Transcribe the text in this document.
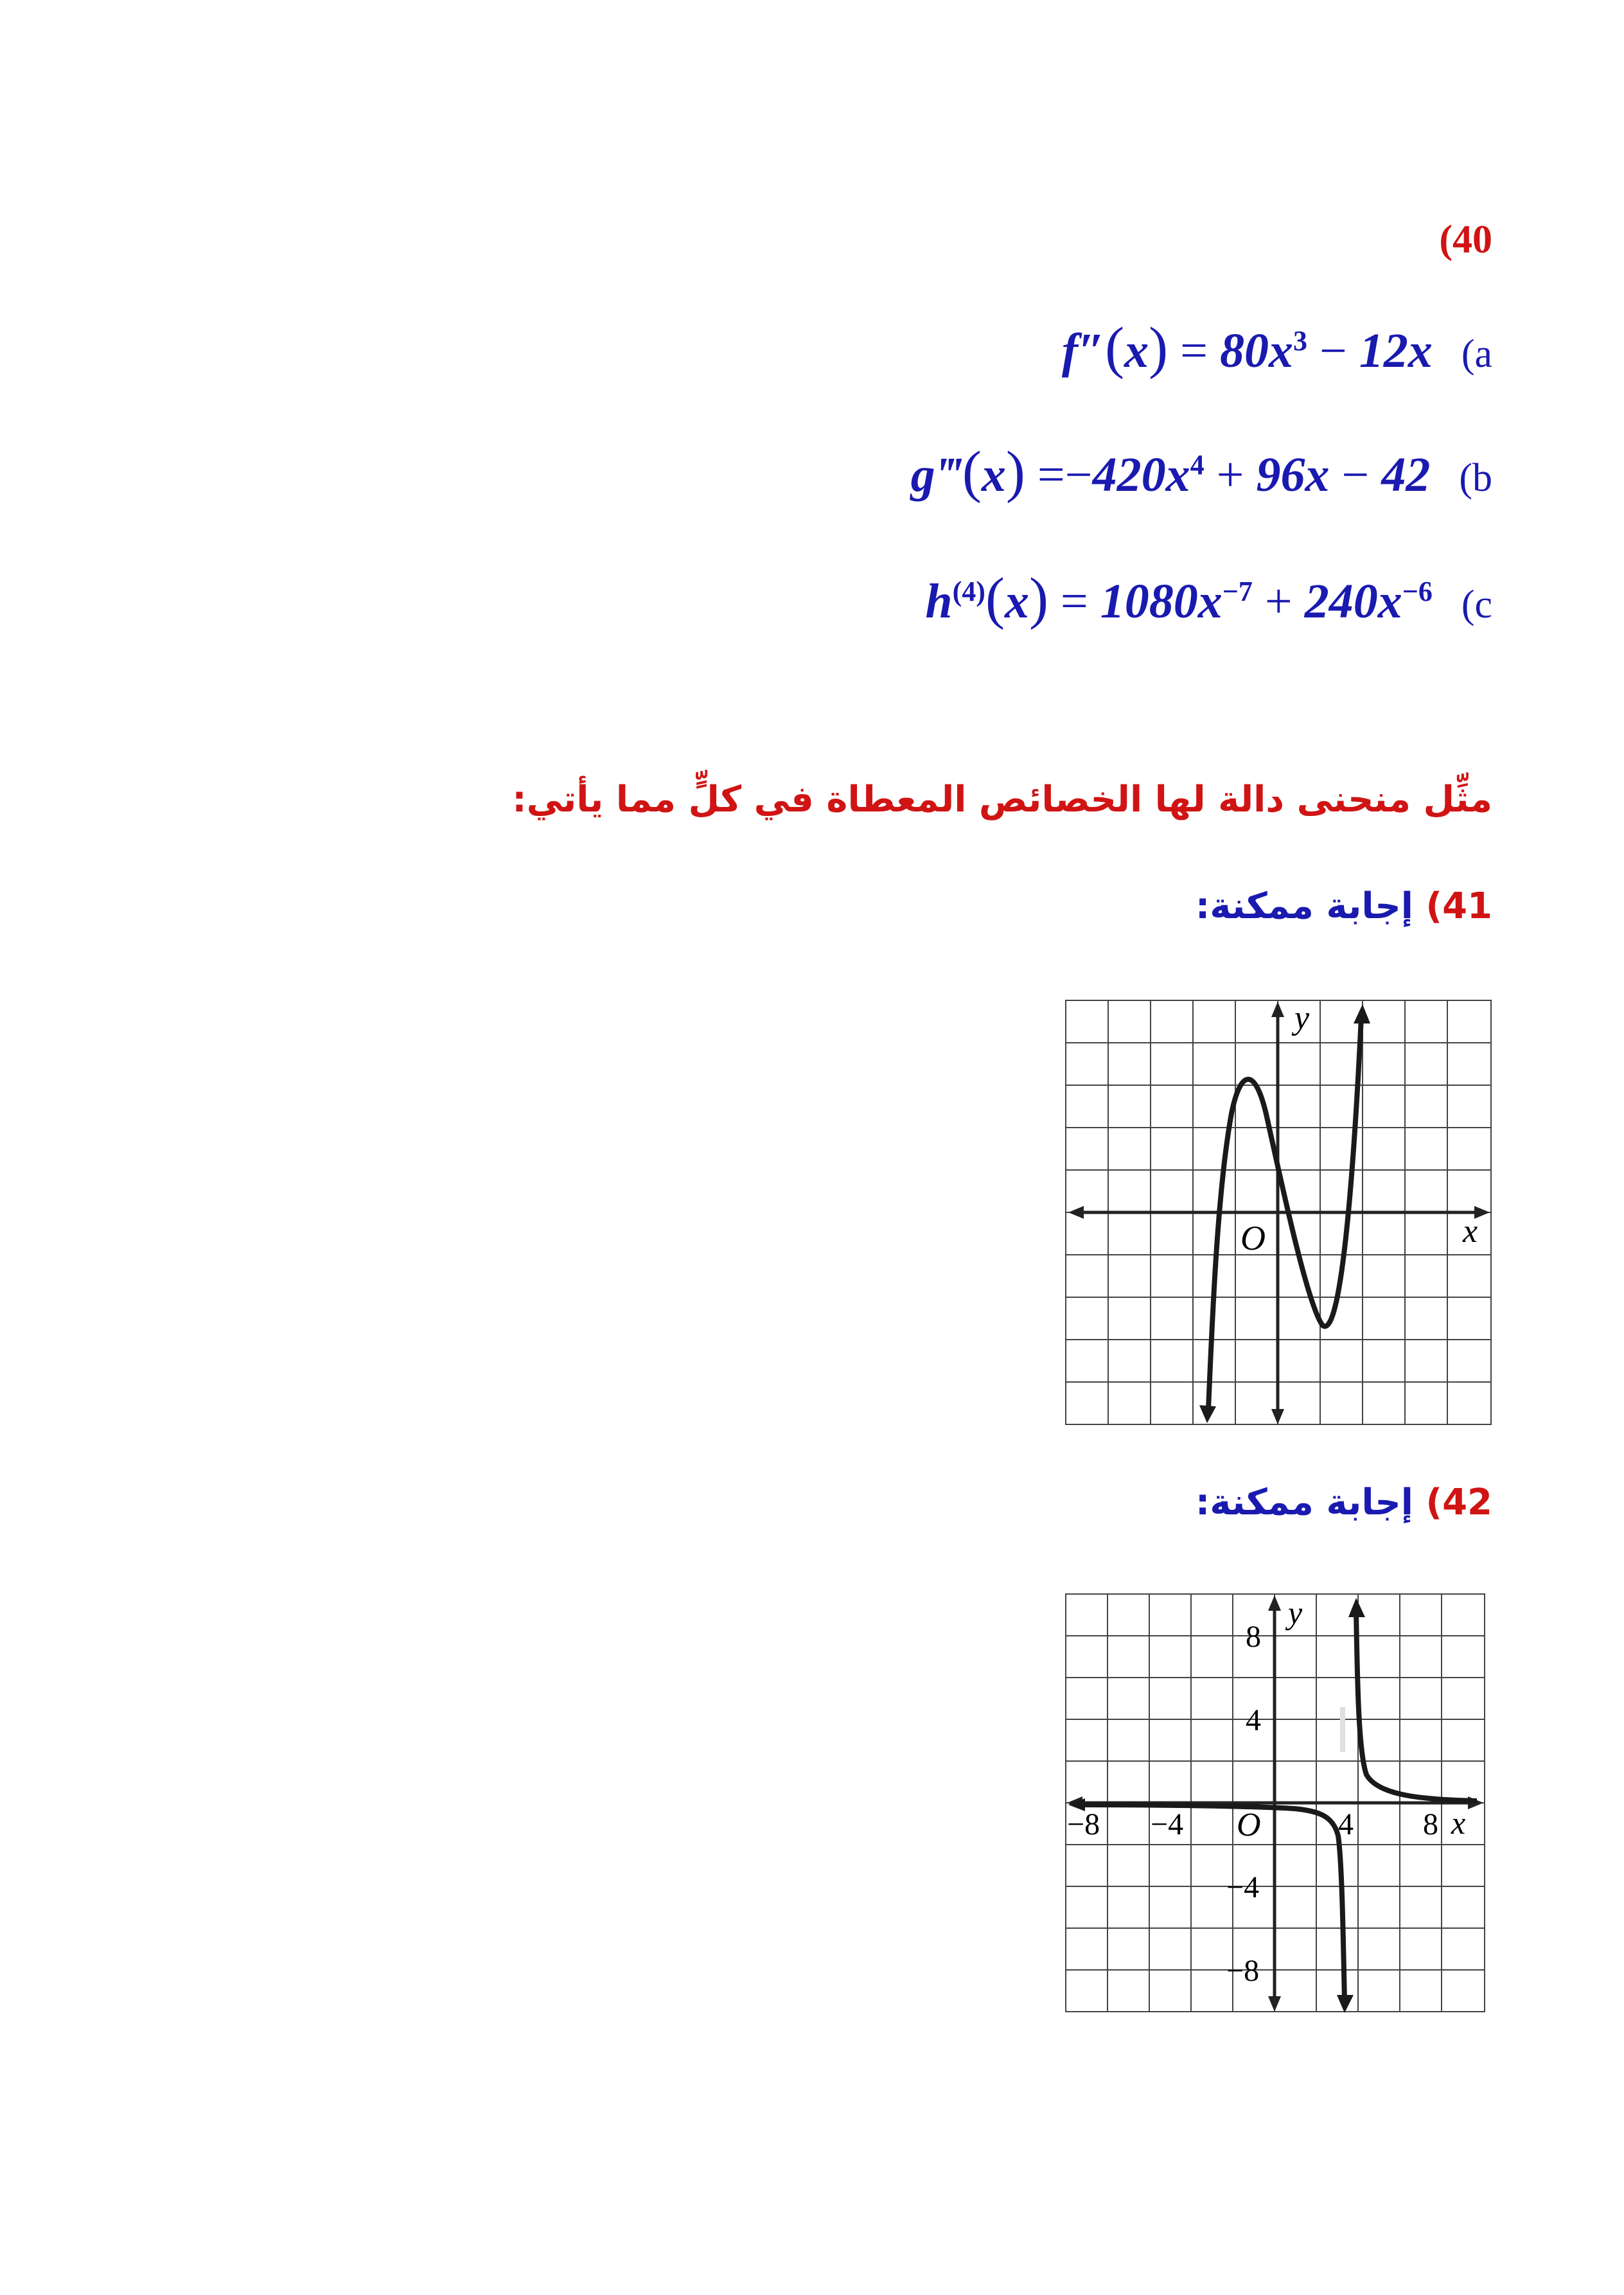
(40
$f''(x) = 80x^3 - 12x$ (a
g‴(x) $=-420x^4 + 96x - 42$ (b
$h^{(4)}(x) = 1080x^{-7} + 240x^{-6}$ (c
مثِّل منحنى دالة لها الخصائص المعطاة في كلٍّ مما يأتي:
41) إجابة ممكنة:
y
x
O
42) إجابة ممكنة:
y
x
O
−8 −4	4 8
8
4
−4
−8
